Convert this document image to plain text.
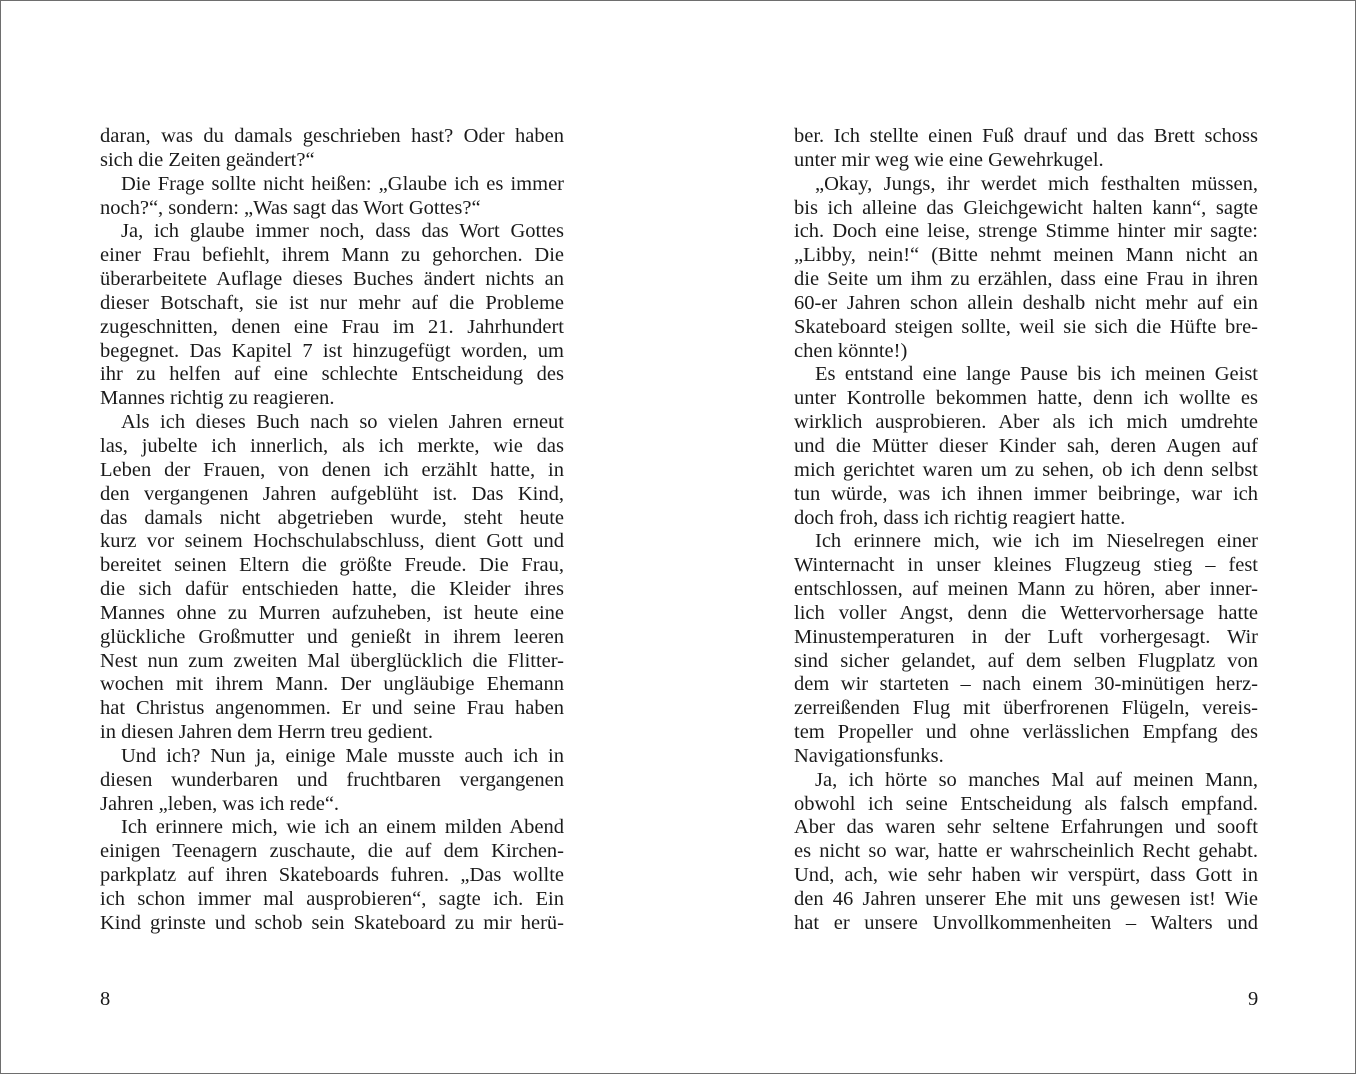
daran, was du damals geschrieben hast? Oder haben
sich die Zeiten geändert?“
Die Frage sollte nicht heißen: „Glaube ich es immer
noch?“, sondern: „Was sagt das Wort Gottes?“
Ja, ich glaube immer noch, dass das Wort Gottes
einer Frau befiehlt, ihrem Mann zu gehorchen. Die
überarbeitete Auflage dieses Buches ändert nichts an
dieser Botschaft, sie ist nur mehr auf die Probleme
zugeschnitten, denen eine Frau im 21. Jahrhundert
begegnet. Das Kapitel 7 ist hinzugefügt worden, um
ihr zu helfen auf eine schlechte Entscheidung des
Mannes richtig zu reagieren.
Als ich dieses Buch nach so vielen Jahren erneut
las, jubelte ich innerlich, als ich merkte, wie das
Leben der Frauen, von denen ich erzählt hatte, in
den vergangenen Jahren aufgeblüht ist. Das Kind,
das damals nicht abgetrieben wurde, steht heute
kurz vor seinem Hochschulabschluss, dient Gott und
bereitet seinen Eltern die größte Freude. Die Frau,
die sich dafür entschieden hatte, die Kleider ihres
Mannes ohne zu Murren aufzuheben, ist heute eine
glückliche Großmutter und genießt in ihrem leeren
Nest nun zum zweiten Mal überglücklich die Flitter-
wochen mit ihrem Mann. Der ungläubige Ehemann
hat Christus angenommen. Er und seine Frau haben
in diesen Jahren dem Herrn treu gedient.
Und ich? Nun ja, einige Male musste auch ich in
diesen wunderbaren und fruchtbaren vergangenen
Jahren „leben, was ich rede“.
Ich erinnere mich, wie ich an einem milden Abend
einigen Teenagern zuschaute, die auf dem Kirchen-
parkplatz auf ihren Skateboards fuhren. „Das wollte
ich schon immer mal ausprobieren“, sagte ich. Ein
Kind grinste und schob sein Skateboard zu mir herü-
8
ber. Ich stellte einen Fuß drauf und das Brett schoss
unter mir weg wie eine Gewehrkugel.
„Okay, Jungs, ihr werdet mich festhalten müssen,
bis ich alleine das Gleichgewicht halten kann“, sagte
ich. Doch eine leise, strenge Stimme hinter mir sagte:
„Libby, nein!“ (Bitte nehmt meinen Mann nicht an
die Seite um ihm zu erzählen, dass eine Frau in ihren
60-er Jahren schon allein deshalb nicht mehr auf ein
Skateboard steigen sollte, weil sie sich die Hüfte bre-
chen könnte!)
Es entstand eine lange Pause bis ich meinen Geist
unter Kontrolle bekommen hatte, denn ich wollte es
wirklich ausprobieren. Aber als ich mich umdrehte
und die Mütter dieser Kinder sah, deren Augen auf
mich gerichtet waren um zu sehen, ob ich denn selbst
tun würde, was ich ihnen immer beibringe, war ich
doch froh, dass ich richtig reagiert hatte.
Ich erinnere mich, wie ich im Nieselregen einer
Winternacht in unser kleines Flugzeug stieg – fest
entschlossen, auf meinen Mann zu hören, aber inner-
lich voller Angst, denn die Wettervorhersage hatte
Minustemperaturen in der Luft vorhergesagt. Wir
sind sicher gelandet, auf dem selben Flugplatz von
dem wir starteten – nach einem 30-minütigen herz-
zerreißenden Flug mit überfrorenen Flügeln, vereis-
tem Propeller und ohne verlässlichen Empfang des
Navigationsfunks.
Ja, ich hörte so manches Mal auf meinen Mann,
obwohl ich seine Entscheidung als falsch empfand.
Aber das waren sehr seltene Erfahrungen und sooft
es nicht so war, hatte er wahrscheinlich Recht gehabt.
Und, ach, wie sehr haben wir verspürt, dass Gott in
den 46 Jahren unserer Ehe mit uns gewesen ist! Wie
hat er unsere Unvollkommenheiten – Walters und
9
